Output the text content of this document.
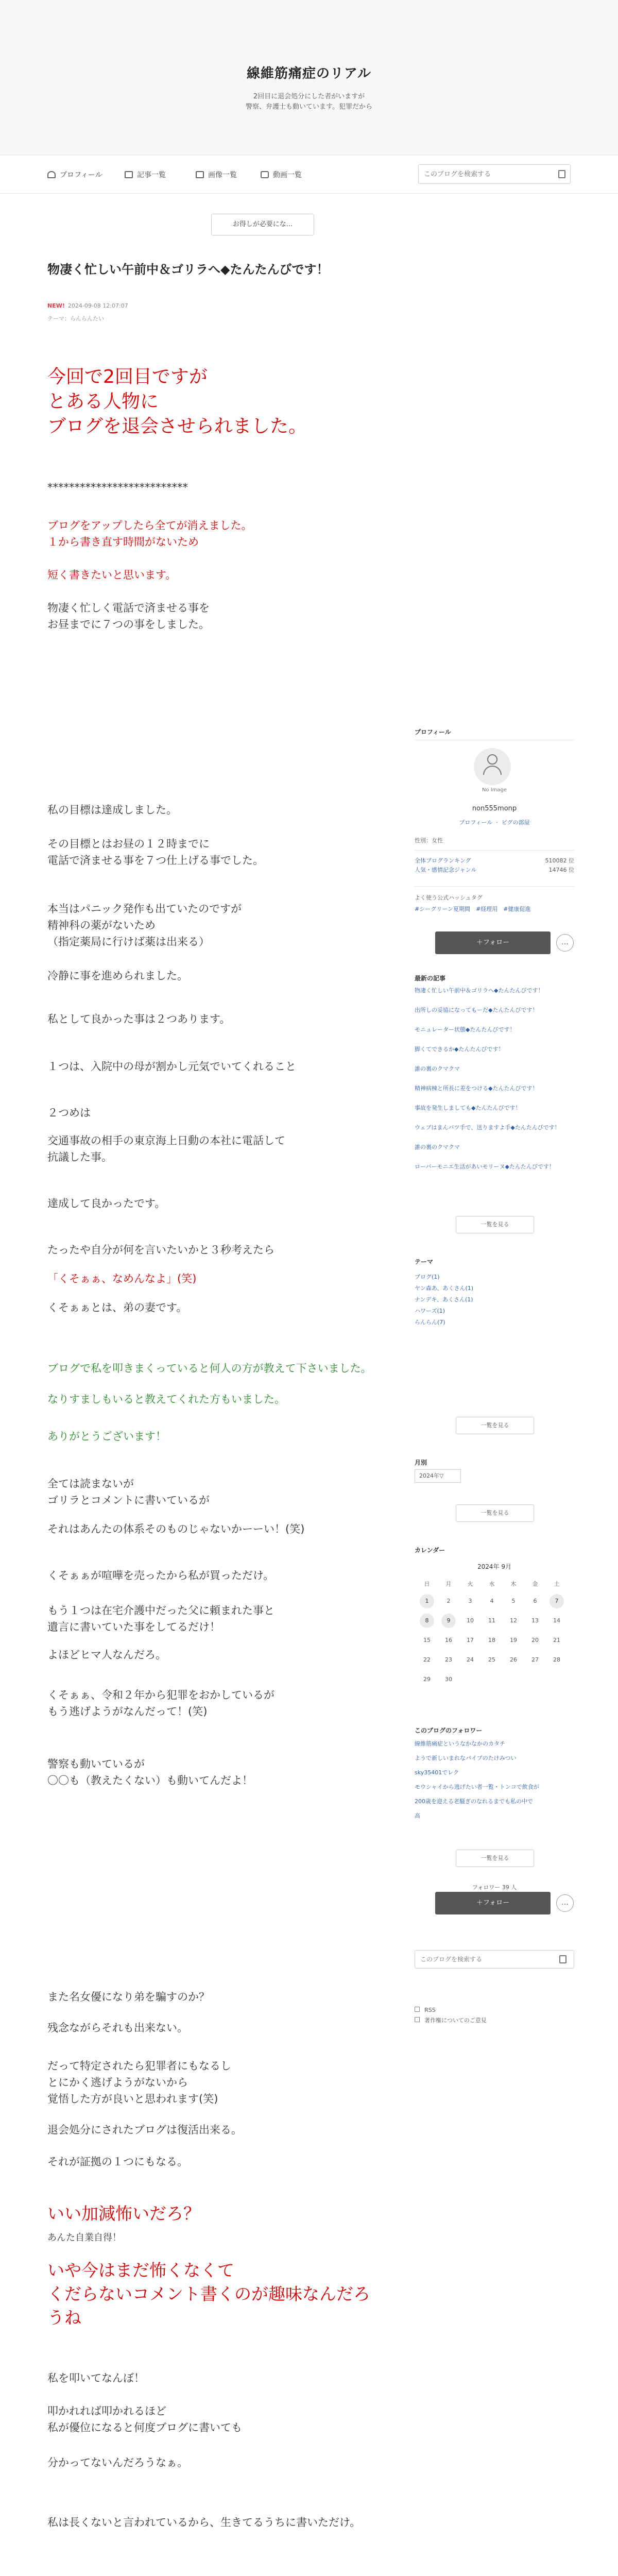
線維筋痛症のリアル
2回目に退会処分にした者がいますが
警察、弁護士も動いています。犯罪だから
プロフィール	記事一覧	画像一覧	動画一覧
このブログを検索する
お得しが必要にな...
物凄く忙しい午前中＆ゴリラへ◆たんたんびです！
NEW! 2024-09-08 12:07:07
テーマ：らんらんたい
今回で2回目ですが
とある人物に
ブログを退会させられました。
**************************
ブログをアップしたら全てが消えました。
１から書き直す時間がないため
短く書きたいと思います。
物凄く忙しく電話で済ませる事を
お昼までに７つの事をしました。
私の目標は達成しました。
その目標とはお昼の１２時までに
電話で済ませる事を７つ仕上げる事でした。
本当はパニック発作も出ていたのですが
精神科の薬がないため
（指定薬局に行けば薬は出来る）
冷静に事を進められました。
私として良かった事は２つあります。
１つは、入院中の母が割かし元気でいてくれること
２つめは
交通事故の相手の東京海上日動の本社に電話して
抗議した事。
達成して良かったです。
たったや自分が何を言いたいかと３秒考えたら
「くそぁぁ、なめんなよ」(笑)
くそぁぁとは、弟の妻です。
ブログで私を叩きまくっていると何人の方が教えて下さいました。
なりすましもいると教えてくれた方もいました。
ありがとうございます！
全ては読まないが
ゴリラとコメントに書いているが
それはあんたの体系そのものじゃないかーーい！(笑)
くそぁぁが喧嘩を売ったから私が買っただけ。
もう１つは在宅介護中だった父に頼まれた事と
遺言に書いていた事をしてるだけ！
よほどヒマ人なんだろ。
くそぁぁ、令和２年から犯罪をおかしているが
もう逃げようがなんだって！(笑)
警察も動いているが
〇〇も（教えたくない）も動いてんだよ！
また名女優になり弟を騙すのか？
残念ながらそれも出来ない。
だって特定されたら犯罪者にもなるし
とにかく逃げようがないから
覚悟した方が良いと思われます(笑)
退会処分にされたブログは復活出来る。
それが証拠の１つにもなる。
いい加減怖いだろ？
あんた自業自得！
いや今はまだ怖くなくて
くだらないコメント書くのが趣味なんだろ
うね
私を叩いてなんぼ！
叩かれれば叩かれるほど
私が優位になると何度ブログに書いても
分かってないんだろうなぁ。
私は長くないと言われているから、生きてるうちに書いただけ。
プロフィール
No Image
non555monp
プロフィール  ·  ピグの部屋
性別：女性
全体ブログランキング	510082 位
人気・感情記念ジャンル	14746 位
よく使う公式ハッシュタグ
#シーグリーン夏期間　#経理用　#健康促進
＋フォロー	…
最新の記事
物凄く忙しい午前中＆ゴリラへ◆たんたんびです！
出所しの妥協になってもーだ◆たんたんびです！
モニュレーター状態◆たんたんびです！
脚くてできるか◆たんたんびです！
誰の裏のクマクマ
精神病棟と所長に差をつける◆たんたんびです！
事故を発生しましても◆たんたんびです！
ウェブはまんバツ手で、送りますよ手◆たんたんびです！
誰の裏のクマクマ
ローバーモニエ生活があいモリーヌ◆たんたんびです！
一覧を見る
テーマ
ブログ(1)
ヤン森あ、あくさん(1)
ナンデキ、あくさん(1)
ハワーズ(1)
らんらん(7)
一覧を見る
月別
2024年▽
一覧を見る
カレンダー
2024年 9月
日	月	火	水	木	金	土
1	2	3	4	5	6	7
8	9	10	11	12	13	14
15	16	17	18	19	20	21
22	23	24	25	26	27	28
29	30
このブログのフォロワー
線維筋痛症というなかなかのカタチ
ようで新しいまれなパイプのたけみつい
sky35401でレク
モウシャイから逃げたい者一覧・トンコで飲食が
200歳を迎える老騒ぎのなれるまでも私の中で
高
一覧を見る
フォロワー 39 人
＋フォロー	…
このブログを検索する
RSS
著作権についてのご意見
